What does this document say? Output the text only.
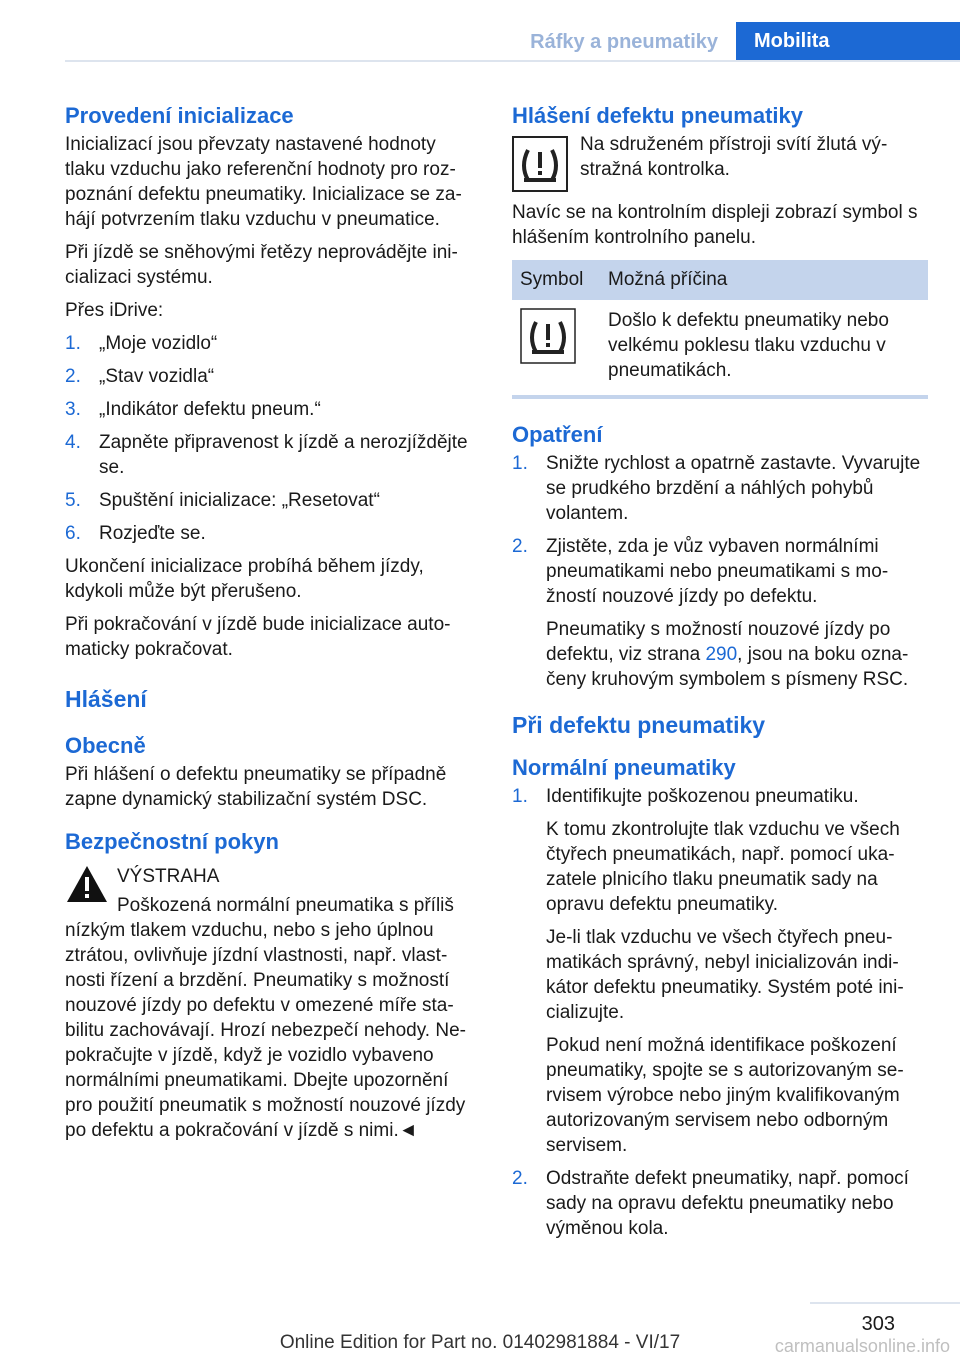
Ráfky a pneumatiky	Mobilita
Provedení inicializace

Inicializací jsou převzaty nastavené hodnoty tlaku vzduchu jako referenční hodnoty pro rozpoznání defektu pneumatiky. Inicializace se zahájí potvrzením tlaku vzduchu v pneumatice.

Při jízdě se sněhovými řetězy neprovádějte inicializaci systému.

Přes iDrive:

1. „Moje vozidlo“
2. „Stav vozidla“
3. „Indikátor defektu pneum.“
4. Zapněte připravenost k jízdě a nerozjíždějte se.
5. Spuštění inicializace: „Resetovat“
6. Rozjeďte se.

Ukončení inicializace probíhá během jízdy, kdykoli může být přerušeno.

Při pokračování v jízdě bude inicializace automaticky pokračovat.

Hlášení
Obecně

Při hlášení o defektu pneumatiky se případně zapne dynamický stabilizační systém DSC.

Bezpečnostní pokyn

VÝSTRAHA

Poškozená normální pneumatika s příliš

nízkým tlakem vzduchu, nebo s jeho úplnou ztrátou, ovlivňuje jízdní vlastnosti, např. vlastnosti řízení a brzdění. Pneumatiky s možností nouzové jízdy po defektu v omezené míře stabilitu zachovávají. Hrozí nebezpečí nehody. Nepokračujte v jízdě, když je vozidlo vybaveno normálními pneumatikami. Dbejte upozornění pro použití pneumatik s možností nouzové jízdy po defektu a pokračování v jízdě s nimi.◄

Hlášení defektu pneumatiky

Na sdruženém přístroji svítí žlutá výstražná kontrolka.

Navíc se na kontrolním displeji zobrazí symbol s hlášením kontrolního panelu.

Symbol	Možná příčina
	Došlo k defektu pneumatiky nebo velkému poklesu tlaku vzduchu v pneumatikách.
Opatření
1. Snižte rychlost a opatrně zastavte. Vyvarujte se prudkého brzdění a náhlých pohybů volantem.
2. Zjistěte, zda je vůz vybaven normálními pneumatikami nebo pneumatikami s možností nouzové jízdy po defektu.

Pneumatiky s možností nouzové jízdy po defektu, viz strana 290, jsou na boku označeny kruhovým symbolem s písmeny RSC.

Při defektu pneumatiky
Normální pneumatiky
1. Identifikujte poškozenou pneumatiku.

K tomu zkontrolujte tlak vzduchu ve všech čtyřech pneumatikách, např. pomocí ukazatele plnicího tlaku pneumatik sady na opravu defektu pneumatiky.

Je-li tlak vzduchu ve všech čtyřech pneumatikách správný, nebyl inicializován indikátor defektu pneumatiky. Systém poté inicializujte.

Pokud není možná identifikace poškození pneumatiky, spojte se s autorizovaným servisem výrobce nebo jiným kvalifikovaným autorizovaným servisem nebo odborným servisem.

2. Odstraňte defekt pneumatiky, např. pomocí sady na opravu defektu pneumatiky nebo výměnou kola.
303
Online Edition for Part no. 01402981884 - VI/17	carmanualsonline.info
